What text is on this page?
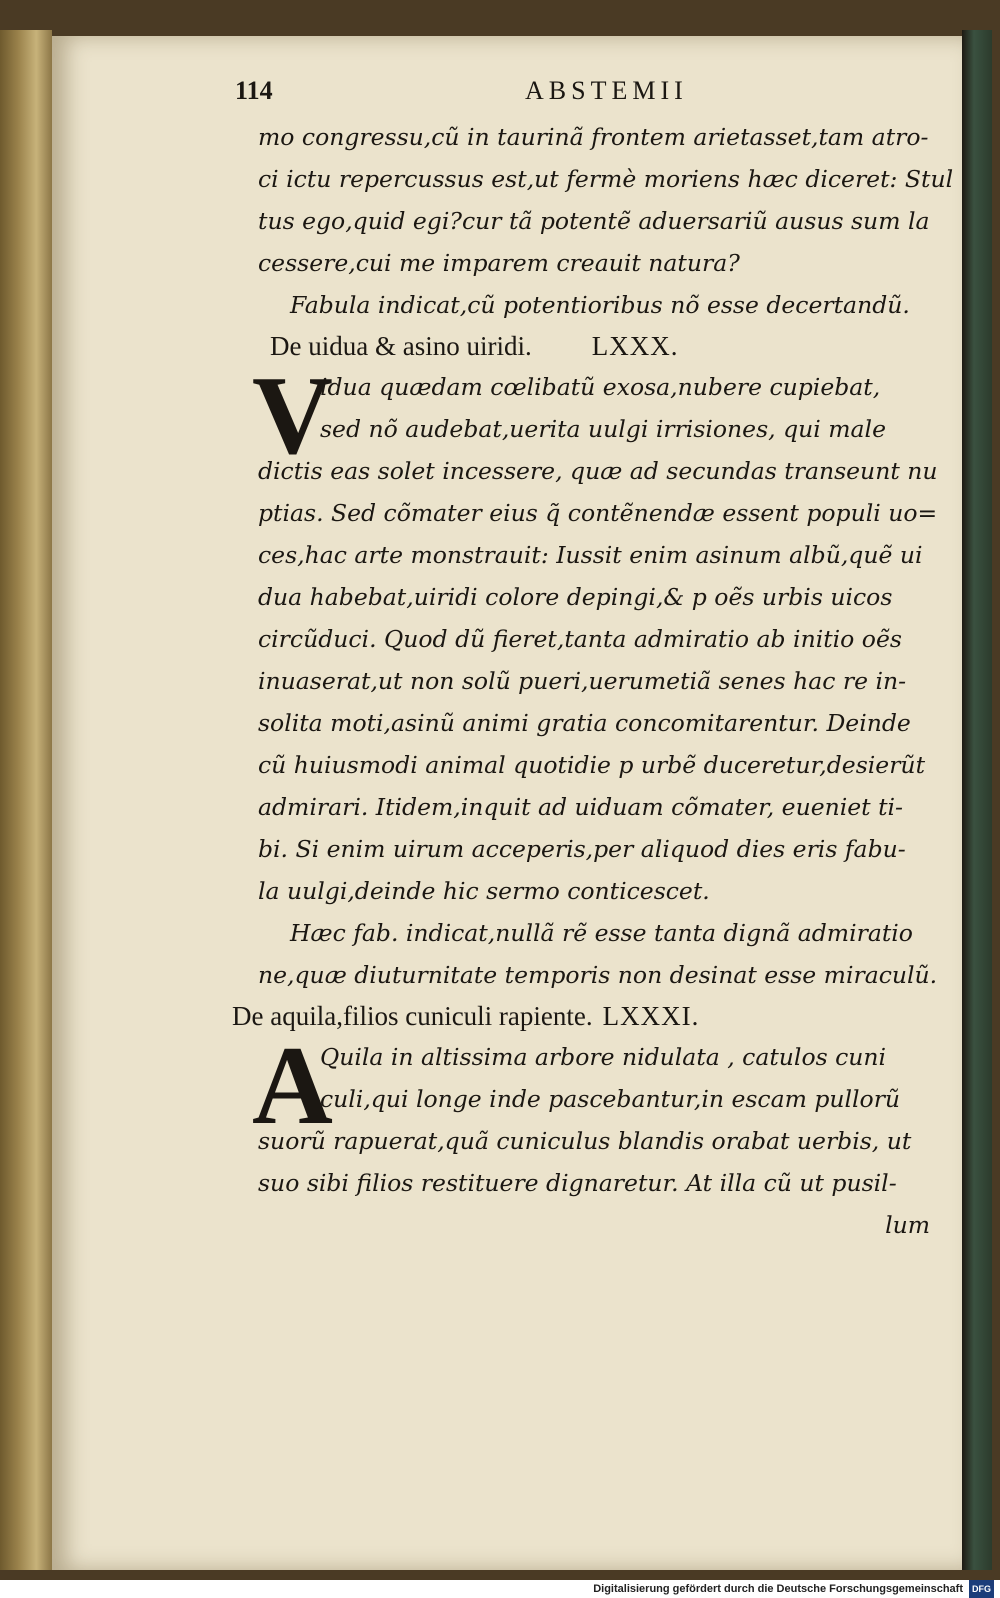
114	ABSTEMII
mo congressu,cũ in taurinã frontem arietasset,tam atro-
ci ictu repercussus est,ut fermè moriens hæc diceret: Stul
tus ego,quid egi?cur tã potentẽ aduersariũ ausus sum la
cessere,cui me imparem creauit natura?
Fabula indicat,cũ potentioribus nõ esse decertandũ.
De uidua & asino uiridi. LXXX.
V
idua quædam cœlibatũ exosa,nubere cupiebat,
sed nõ audebat,uerita uulgi irrisiones, qui male
dictis eas solet incessere, quæ ad secundas transeunt nu
ptias. Sed cõmater eius q̃ contẽnendæ essent populi uo=
ces,hac arte monstrauit: Iussit enim asinum albũ,quẽ ui
dua habebat,uiridi colore depingi,& p oẽs urbis uicos
circũduci. Quod dũ fieret,tanta admiratio ab initio oẽs
inuaserat,ut non solũ pueri,uerumetiã senes hac re in-
solita moti,asinũ animi gratia concomitarentur. Deinde
cũ huiusmodi animal quotidie p urbẽ duceretur,desierũt
admirari. Itidem,inquit ad uiduam cõmater, eueniet ti-
bi. Si enim uirum acceperis,per aliquod dies eris fabu-
la uulgi,deinde hic sermo conticescet.
Hæc fab. indicat,nullã rẽ esse tanta dignã admiratio
ne,quæ diuturnitate temporis non desinat esse miraculũ.
De aquila,filios cuniculi rapiente. LXXXI.
A
Quila in altissima arbore nidulata , catulos cuni
culi,qui longe inde pascebantur,in escam pullorũ
suorũ rapuerat,quã cuniculus blandis orabat uerbis, ut
suo sibi filios restituere dignaretur. At illa cũ ut pusil-
lum
Digitalisierung gefördert durch die Deutsche Forschungsgemeinschaft DFG
